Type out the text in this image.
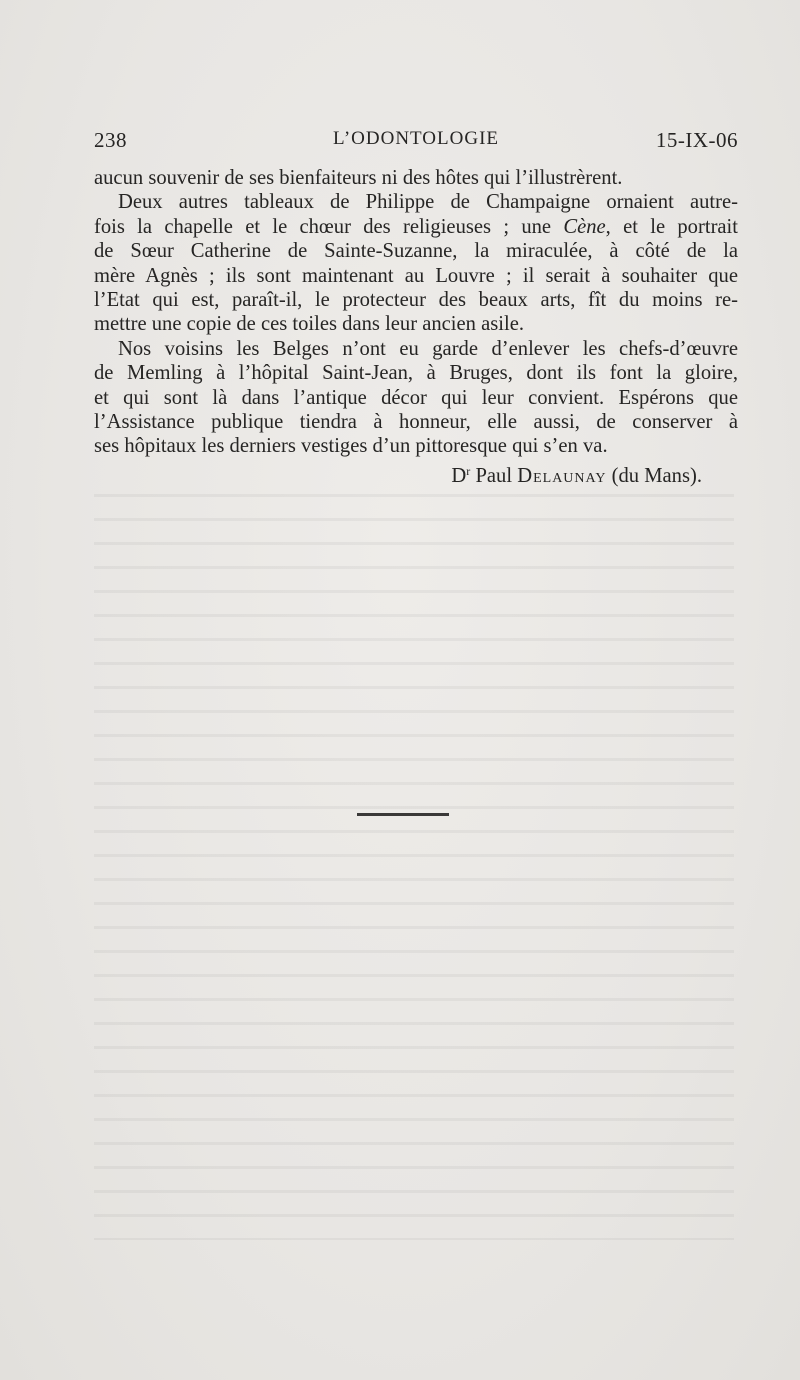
238	L’ODONTOLOGIE	15-IX-06

aucun souvenir de ses bienfaiteurs ni des hôtes qui l’illustrèrent.

Deux autres tableaux de Philippe de Champaigne ornaient autre-

fois la chapelle et le chœur des religieuses ; une Cène, et le portrait

de Sœur Catherine de Sainte-Suzanne, la miraculée, à côté de la

mère Agnès ; ils sont maintenant au Louvre ; il serait à souhaiter que

l’Etat qui est, paraît-il, le protecteur des beaux arts, fît du moins re-

mettre une copie de ces toiles dans leur ancien asile.

Nos voisins les Belges n’ont eu garde d’enlever les chefs-d’œuvre

de Memling à l’hôpital Saint-Jean, à Bruges, dont ils font la gloire,

et qui sont là dans l’antique décor qui leur convient. Espérons que

l’Assistance publique tiendra à honneur, elle aussi, de conserver à

ses hôpitaux les derniers vestiges d’un pittoresque qui s’en va.

$D^r$ Paul Delaunay (du Mans).
